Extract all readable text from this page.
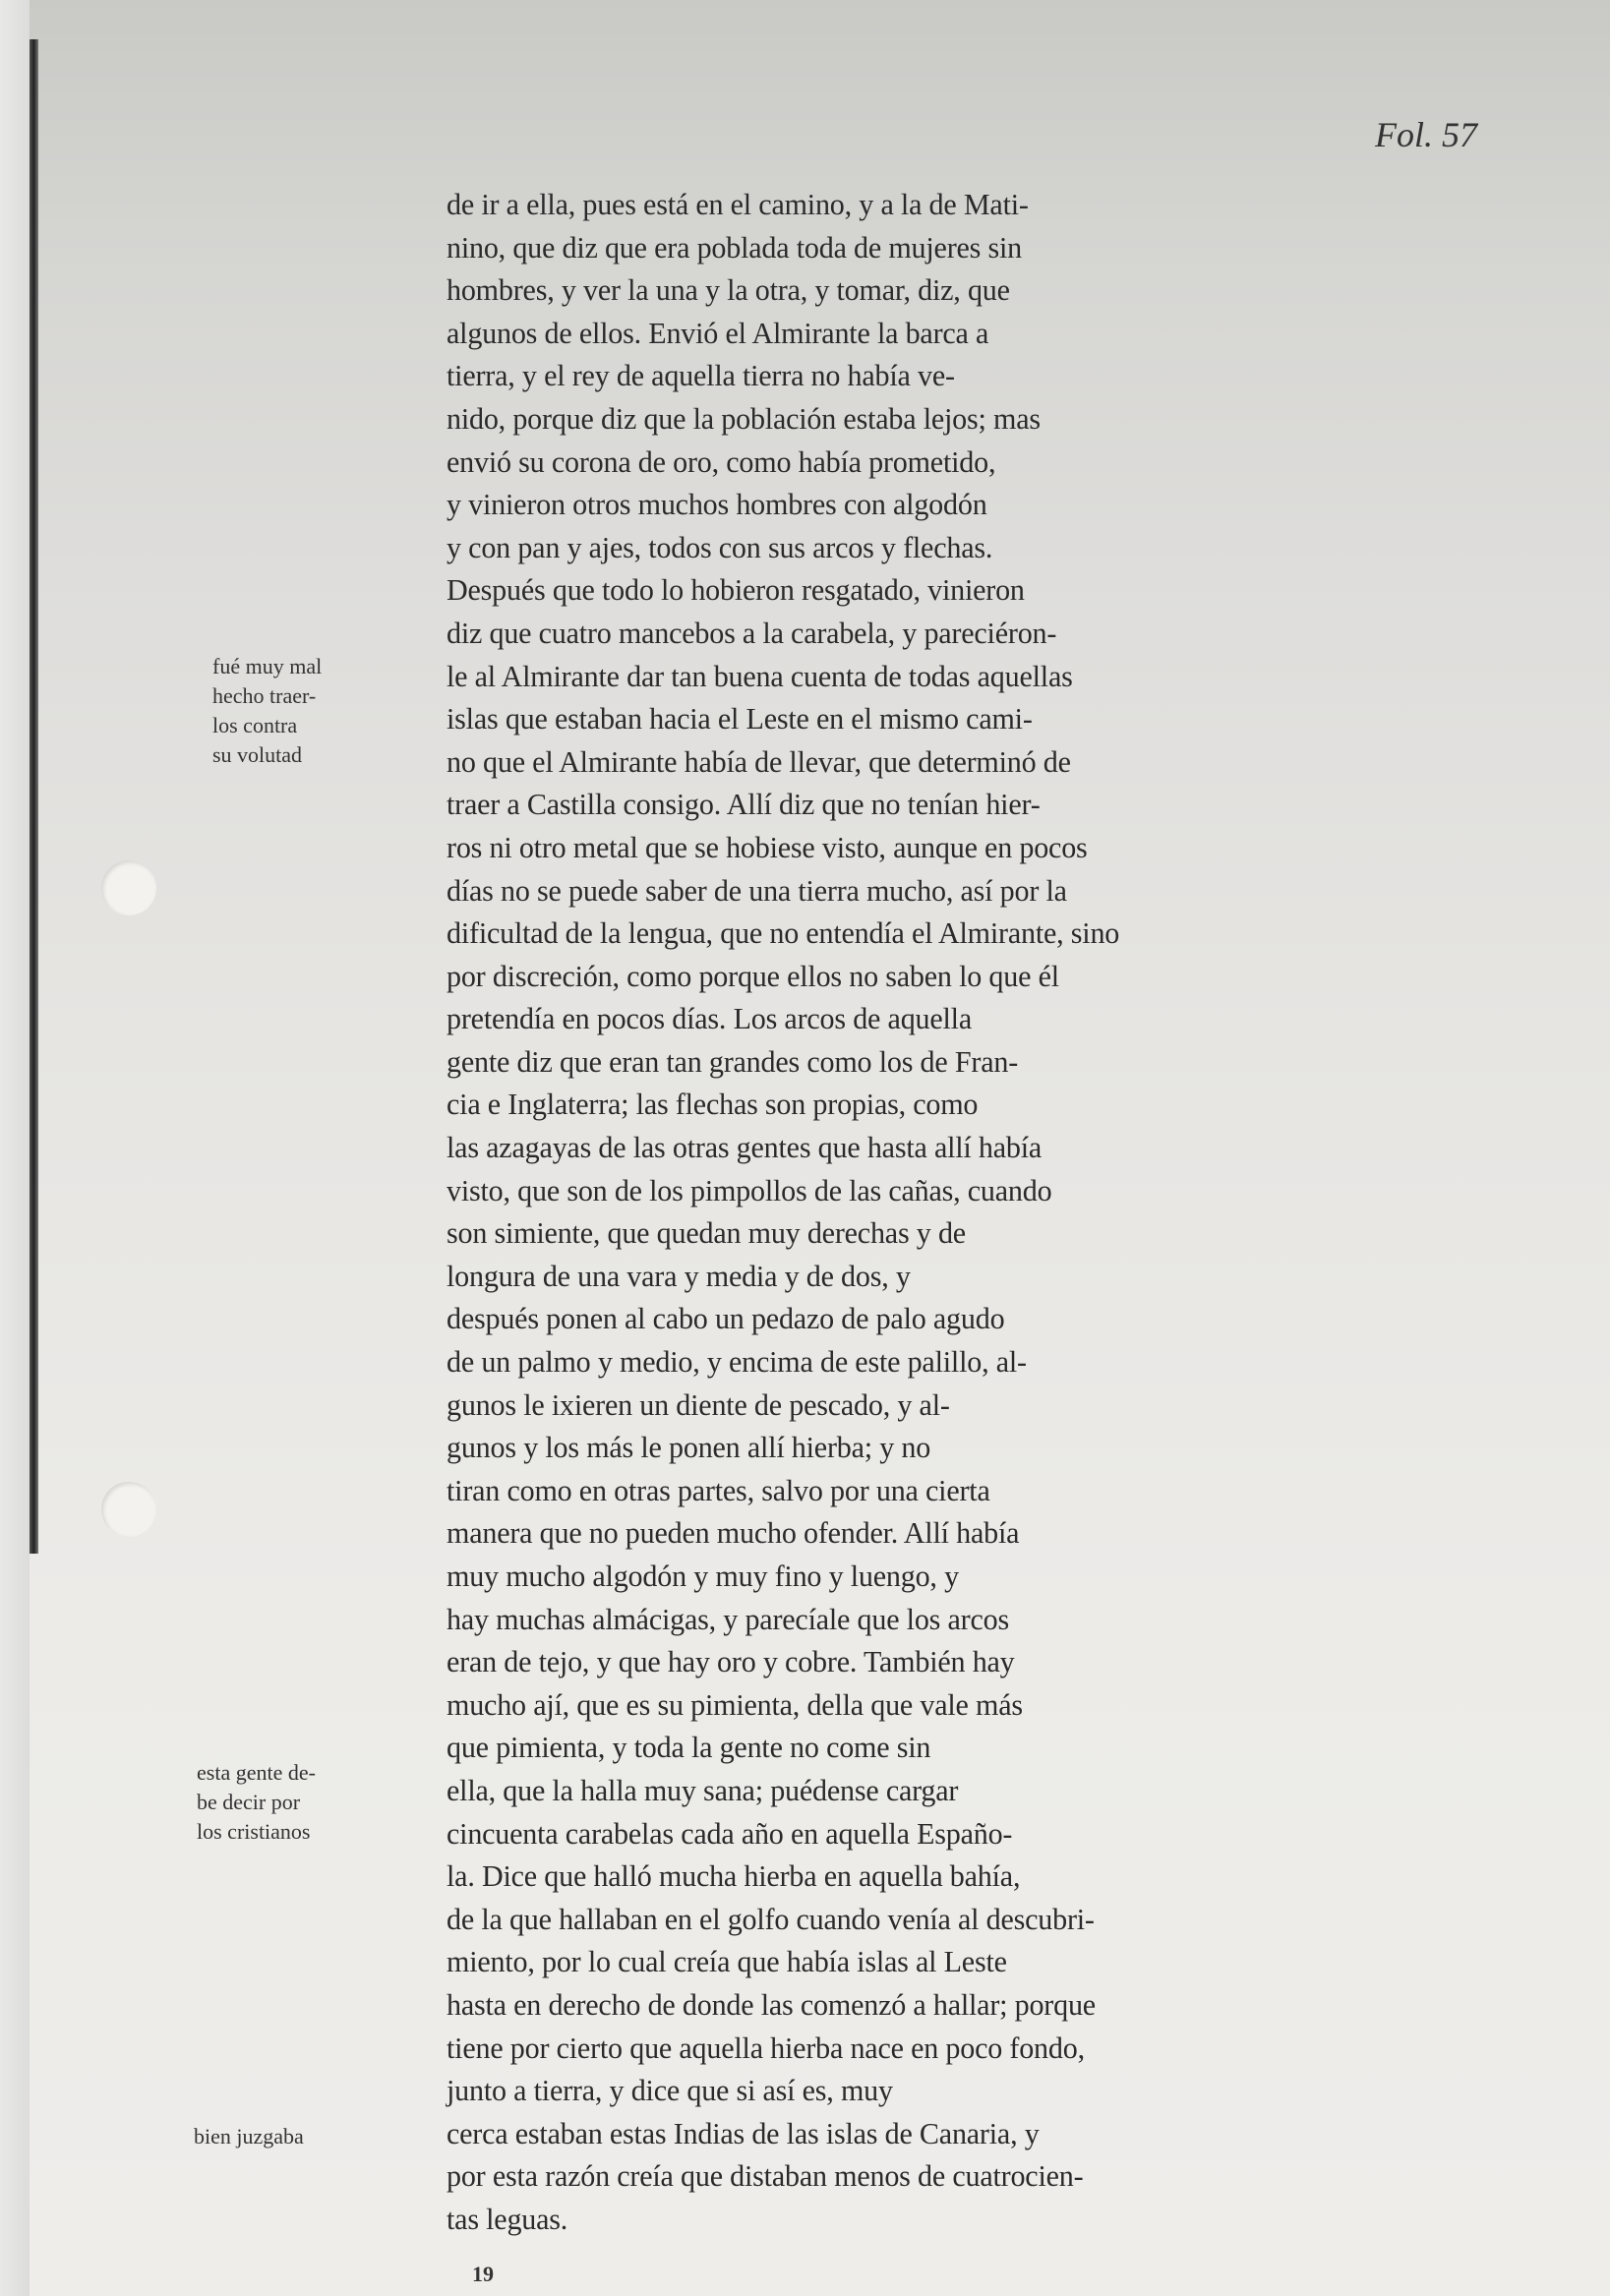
Fol. 57
de ir a ella, pues está en el camino, y a la de Mati-
nino, que diz que era poblada toda de mujeres sin
hombres, y ver la una y la otra, y tomar, diz, que
algunos de ellos. Envió el Almirante la barca a
tierra, y el rey de aquella tierra no había ve-
nido, porque diz que la población estaba lejos; mas
envió su corona de oro, como había prometido,
y vinieron otros muchos hombres con algodón
y con pan y ajes, todos con sus arcos y flechas.
Después que todo lo hobieron resgatado, vinieron
diz que cuatro mancebos a la carabela, y pareciéron-
le al Almirante dar tan buena cuenta de todas aquellas
islas que estaban hacia el Leste en el mismo cami-
no que el Almirante había de llevar, que determinó de
traer a Castilla consigo. Allí diz que no tenían hier-
ros ni otro metal que se hobiese visto, aunque en pocos
días no se puede saber de una tierra mucho, así por la
dificultad de la lengua, que no entendía el Almirante, sino
por discreción, como porque ellos no saben lo que él
pretendía en pocos días. Los arcos de aquella
gente diz que eran tan grandes como los de Fran-
cia e Inglaterra; las flechas son propias, como
las azagayas de las otras gentes que hasta allí había
visto, que son de los pimpollos de las cañas, cuando
son simiente, que quedan muy derechas y de
longura de una vara y media y de dos, y
después ponen al cabo un pedazo de palo agudo
de un palmo y medio, y encima de este palillo, al-
gunos le ixieren un diente de pescado, y al-
gunos y los más le ponen allí hierba; y no
tiran como en otras partes, salvo por una cierta
manera que no pueden mucho ofender. Allí había
muy mucho algodón y muy fino y luengo, y
hay muchas almácigas, y parecíale que los arcos
eran de tejo, y que hay oro y cobre. También hay
mucho ají, que es su pimienta, della que vale más
que pimienta, y toda la gente no come sin
ella, que la halla muy sana; puédense cargar
cincuenta carabelas cada año en aquella Españo-
la. Dice que halló mucha hierba en aquella bahía,
de la que hallaban en el golfo cuando venía al descubri-
miento, por lo cual creía que había islas al Leste
hasta en derecho de donde las comenzó a hallar; porque
tiene por cierto que aquella hierba nace en poco fondo,
junto a tierra, y dice que si así es, muy
cerca estaban estas Indias de las islas de Canaria, y
por esta razón creía que distaban menos de cuatrocien-
tas leguas.
fué muy mal
hecho traer-
los contra
su volutad
esta gente de-
be decir por
los cristianos
bien juzgaba
19
